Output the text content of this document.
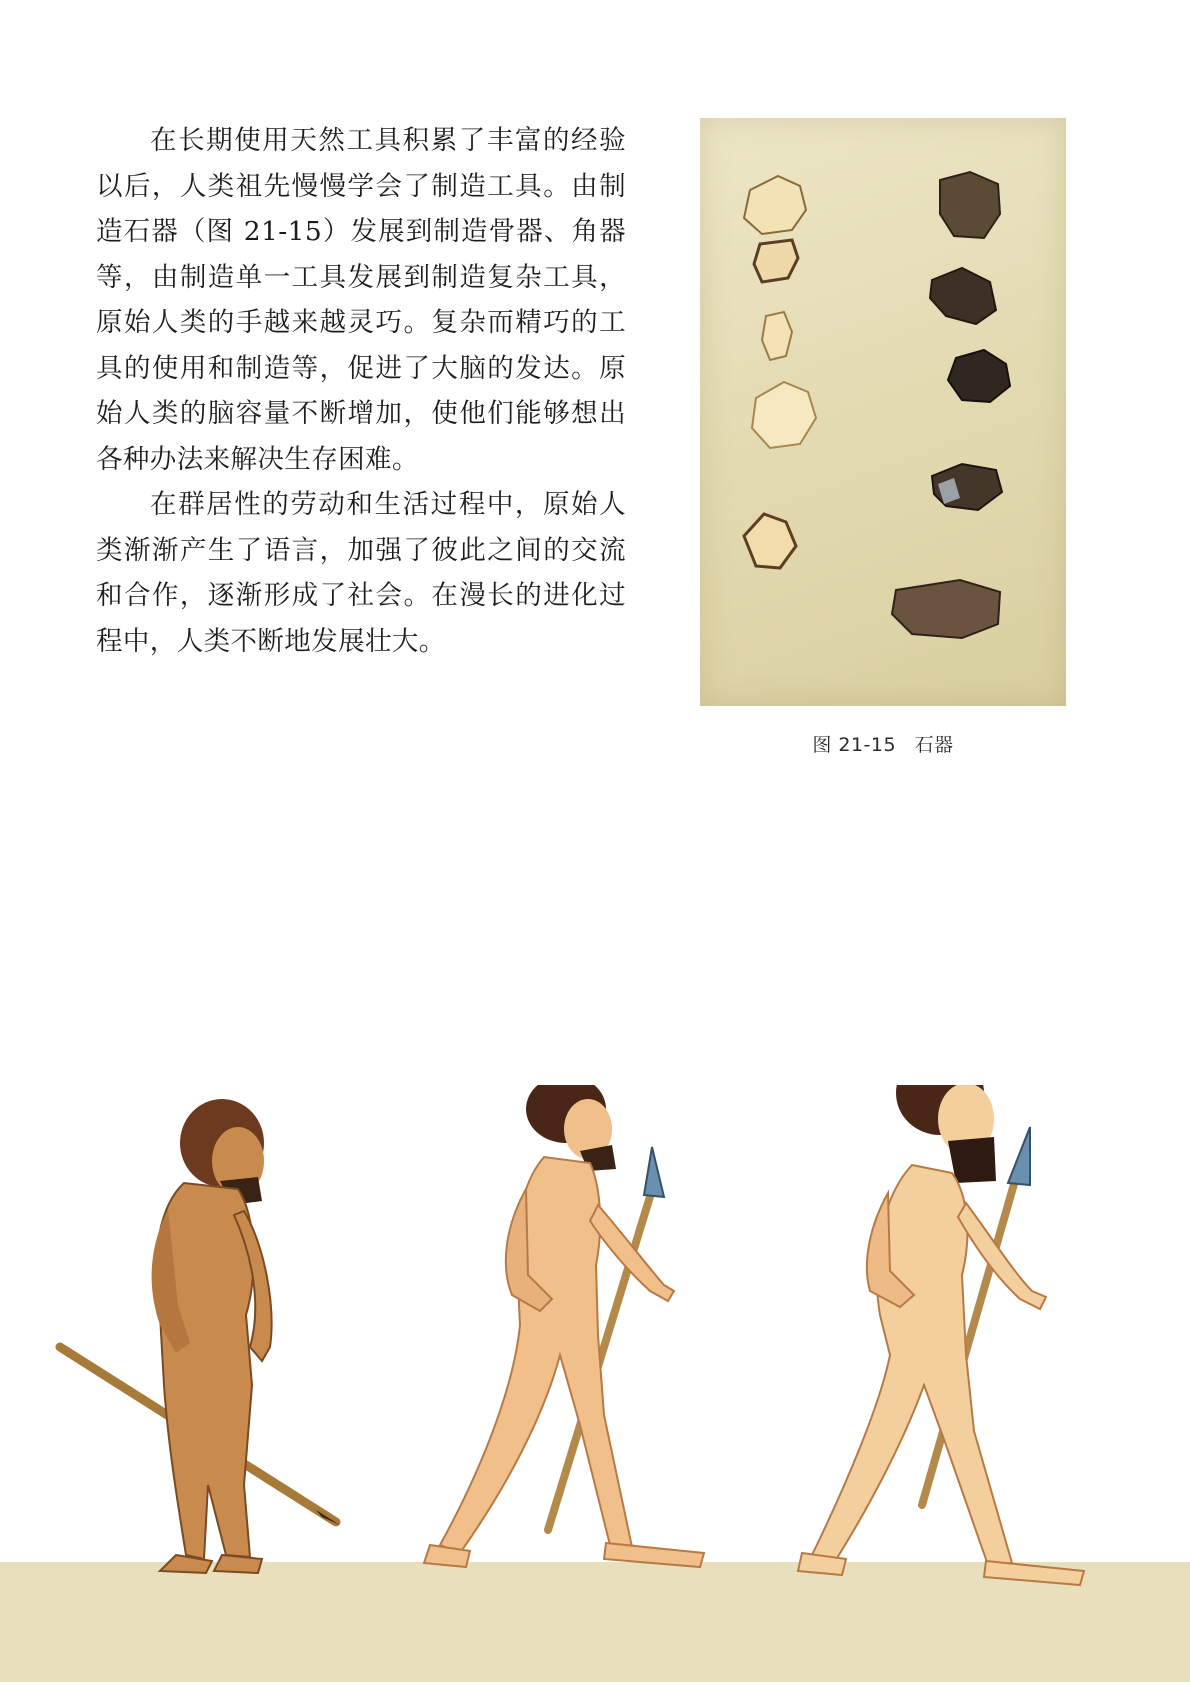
在长期使用天然工具积累了丰富的经验以后，人类祖先慢慢学会了制造工具。由制造石器（图 21-15）发展到制造骨器、角器等，由制造单一工具发展到制造复杂工具，原始人类的手越来越灵巧。复杂而精巧的工具的使用和制造等，促进了大脑的发达。原始人类的脑容量不断增加，使他们能够想出各种办法来解决生存困难。

在群居性的劳动和生活过程中，原始人类渐渐产生了语言，加强了彼此之间的交流和合作，逐渐形成了社会。在漫长的进化过程中，人类不断地发展壮大。

图 21-15 石器
